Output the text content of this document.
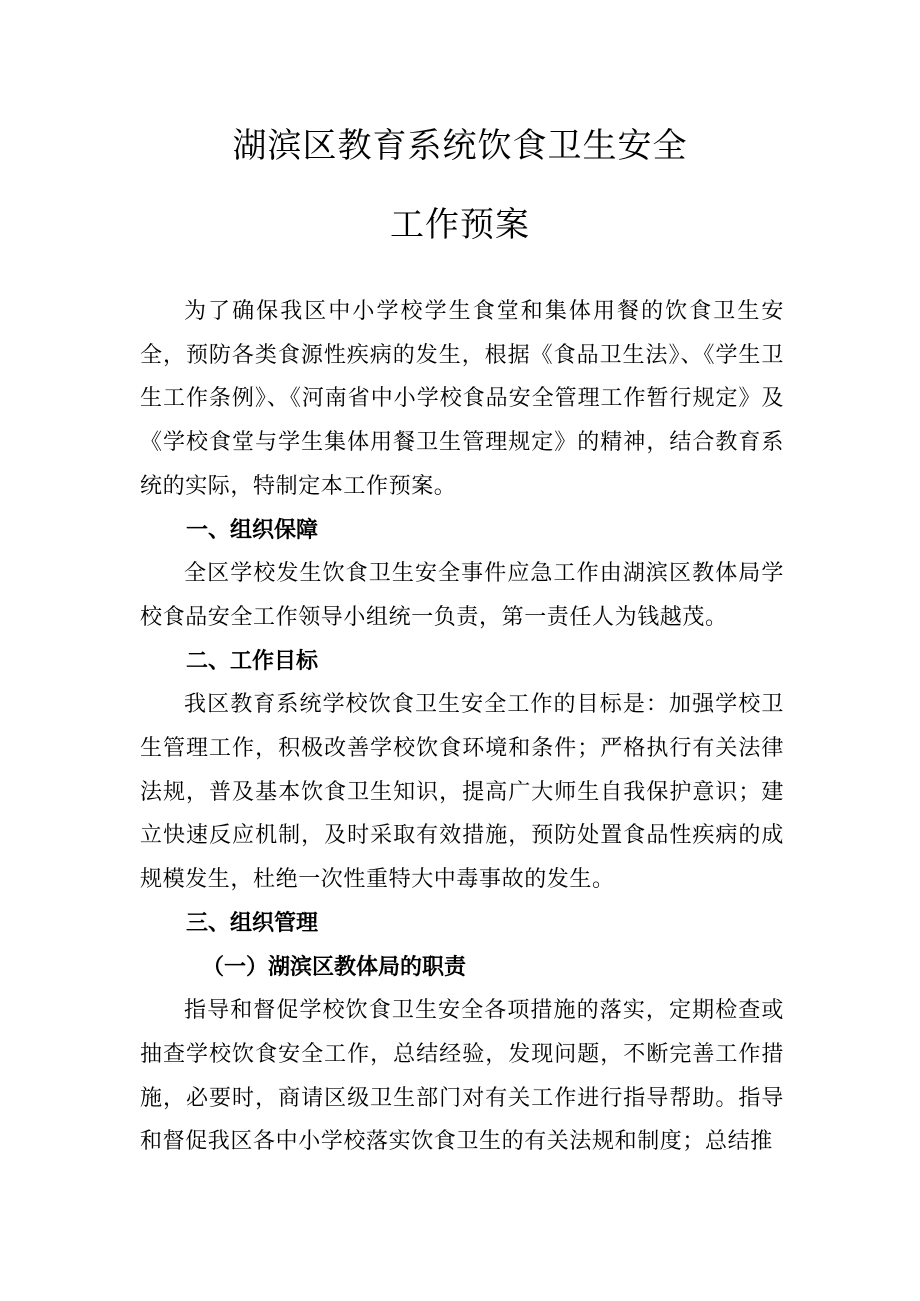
湖滨区教育系统饮食卫生安全
工作预案

为了确保我区中小学校学生食堂和集体用餐的饮食卫生安全，预防各类食源性疾病的发生，根据《食品卫生法》、《学生卫生工作条例》、《河南省中小学校食品安全管理工作暂行规定》及《学校食堂与学生集体用餐卫生管理规定》的精神，结合教育系统的实际，特制定本工作预案。

一、组织保障

全区学校发生饮食卫生安全事件应急工作由湖滨区教体局学校食品安全工作领导小组统一负责，第一责任人为钱越茂。

二、工作目标

我区教育系统学校饮食卫生安全工作的目标是：加强学校卫生管理工作，积极改善学校饮食环境和条件；严格执行有关法律法规，普及基本饮食卫生知识，提高广大师生自我保护意识；建立快速反应机制，及时采取有效措施，预防处置食品性疾病的成规模发生，杜绝一次性重特大中毒事故的发生。

三、组织管理

（一）湖滨区教体局的职责

指导和督促学校饮食卫生安全各项措施的落实，定期检查或抽查学校饮食安全工作，总结经验，发现问题，不断完善工作措施，必要时，商请区级卫生部门对有关工作进行指导帮助。指导和督促我区各中小学校落实饮食卫生的有关法规和制度；总结推
